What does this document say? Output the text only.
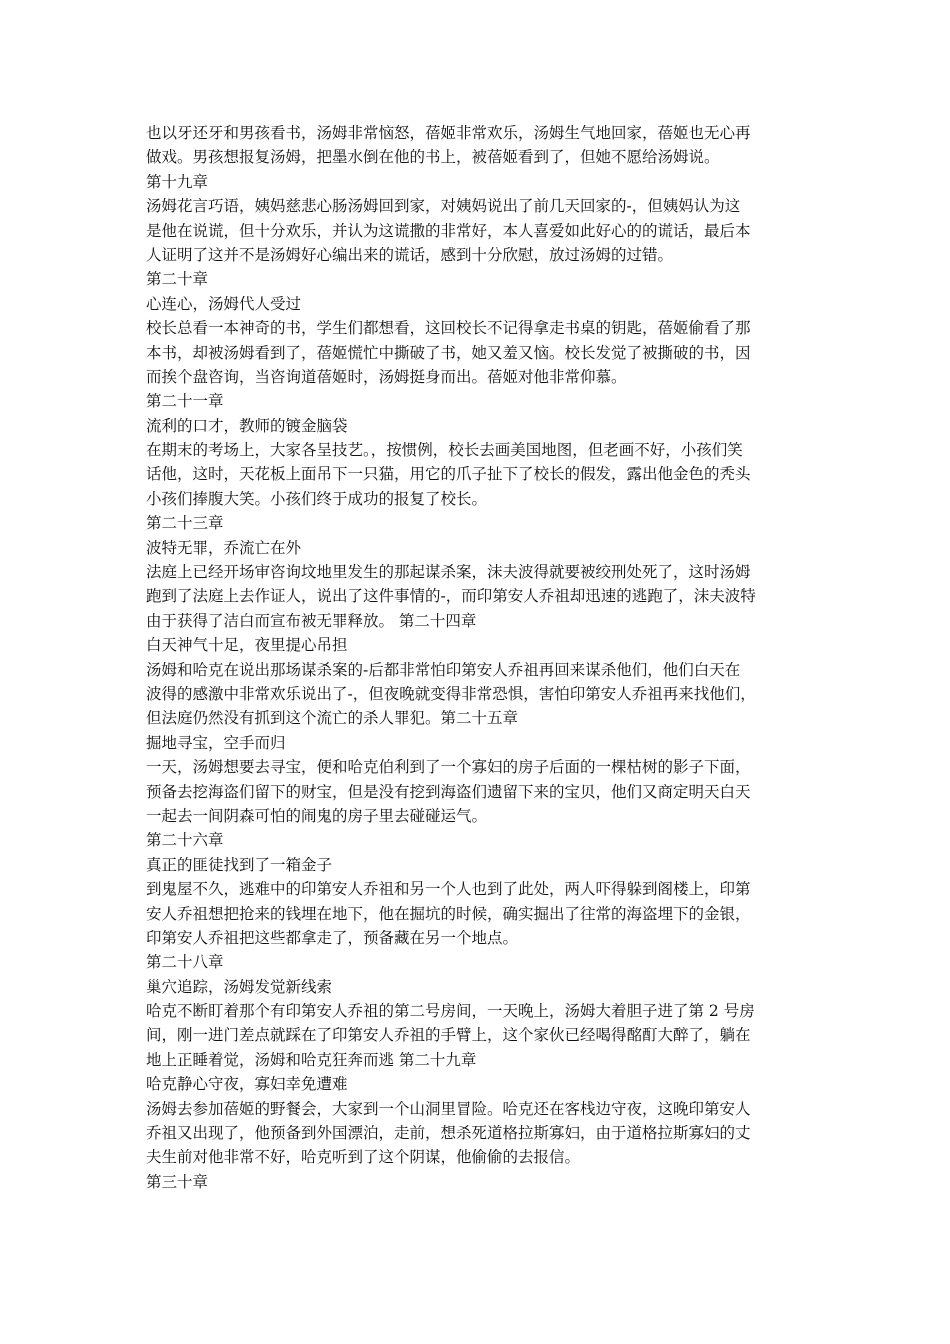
也以牙还牙和男孩看书，汤姆非常恼怒，蓓姬非常欢乐，汤姆生气地回家，蓓姬也无心再
做戏。男孩想报复汤姆，把墨水倒在他的书上，被蓓姬看到了，但她不愿给汤姆说。
第十九章
汤姆花言巧语，姨妈慈悲心肠汤姆回到家，对姨妈说出了前几天回家的-，但姨妈认为这
是他在说谎，但十分欢乐，并认为这谎撒的非常好，本人喜爱如此好心的的谎话，最后本
人证明了这并不是汤姆好心编出来的谎话，感到十分欣慰，放过汤姆的过错。
第二十章
心连心，汤姆代人受过
校长总看一本神奇的书，学生们都想看，这回校长不记得拿走书桌的钥匙，蓓姬偷看了那
本书，却被汤姆看到了，蓓姬慌忙中撕破了书，她又羞又恼。校长发觉了被撕破的书，因
而挨个盘咨询，当咨询道蓓姬时，汤姆挺身而出。蓓姬对他非常仰慕。
第二十一章
流利的口才，教师的镀金脑袋
在期末的考场上，大家各呈技艺。，按惯例，校长去画美国地图，但老画不好，小孩们笑
话他，这时，天花板上面吊下一只猫，用它的爪子扯下了校长的假发，露出他金色的秃头
小孩们捧腹大笑。小孩们终于成功的报复了校长。
第二十三章
波特无罪，乔流亡在外
法庭上已经开场审咨询坟地里发生的那起谋杀案，沫夫波得就要被绞刑处死了，这时汤姆
跑到了法庭上去作证人，说出了这件事情的-，而印第安人乔祖却迅速的逃跑了，沫夫波特
由于获得了洁白而宣布被无罪释放。 第二十四章
白天神气十足，夜里提心吊担
汤姆和哈克在说出那场谋杀案的-后都非常怕印第安人乔祖再回来谋杀他们，他们白天在
波得的感激中非常欢乐说出了-，但夜晚就变得非常恐惧，害怕印第安人乔祖再来找他们，
但法庭仍然没有抓到这个流亡的杀人罪犯。第二十五章
掘地寻宝，空手而归
一天，汤姆想要去寻宝，便和哈克伯利到了一个寡妇的房子后面的一棵枯树的影子下面，
预备去挖海盗们留下的财宝，但是没有挖到海盗们遗留下来的宝贝，他们又商定明天白天
一起去一间阴森可怕的闹鬼的房子里去碰碰运气。
第二十六章
真正的匪徒找到了一箱金子
到鬼屋不久，逃难中的印第安人乔祖和另一个人也到了此处，两人吓得躲到阁楼上，印第
安人乔祖想把抢来的钱埋在地下，他在掘坑的时候，确实掘出了往常的海盗埋下的金银，
印第安人乔祖把这些都拿走了，预备藏在另一个地点。
第二十八章
巢穴追踪，汤姆发觉新线索
哈克不断盯着那个有印第安人乔祖的第二号房间，一天晚上，汤姆大着胆子进了第 2 号房
间，刚一进门差点就踩在了印第安人乔祖的手臂上，这个家伙已经喝得酩酊大醉了，躺在
地上正睡着觉，汤姆和哈克狂奔而逃 第二十九章
哈克静心守夜，寡妇幸免遭难
汤姆去参加蓓姬的野餐会，大家到一个山洞里冒险。哈克还在客栈边守夜，这晚印第安人
乔祖又出现了，他预备到外国漂泊，走前，想杀死道格拉斯寡妇，由于道格拉斯寡妇的丈
夫生前对他非常不好，哈克听到了这个阴谋，他偷偷的去报信。
第三十章
